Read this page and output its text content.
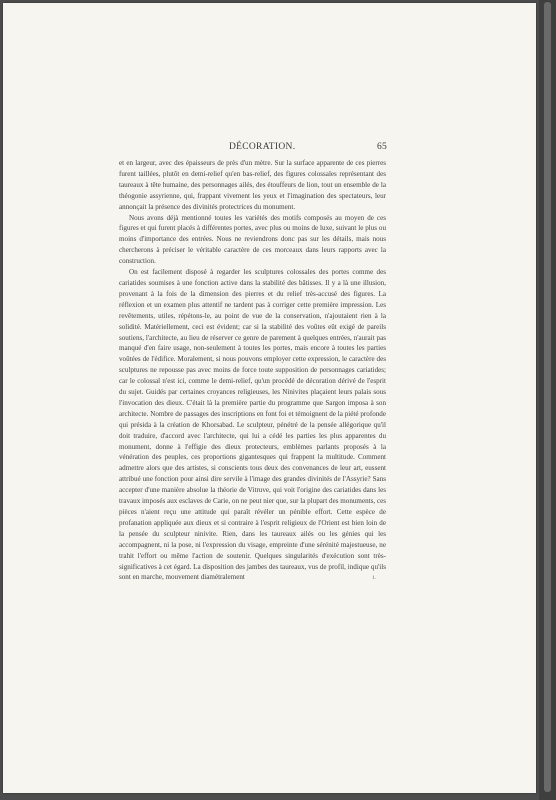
DÉCORATION.	65

et en largeur, avec des épaisseurs de près d'un mètre. Sur la surface apparente de ces pierres furent taillées, plutôt en demi-relief qu'en bas-relief, des figures colossales représentant des taureaux à tête humaine, des personnages ailés, des étouffeurs de lion, tout un ensemble de la théogonie assyrienne, qui, frappant vivement les yeux et l'imagination des spectateurs, leur annonçait la présence des divinités protectrices du monument.

Nous avons déjà mentionné toutes les variétés des motifs composés au moyen de ces figures et qui furent placés à différentes portes, avec plus ou moins de luxe, suivant le plus ou moins d'importance des entrées. Nous ne reviendrons donc pas sur les détails, mais nous chercherons à préciser le véritable caractère de ces morceaux dans leurs rapports avec la construction.

On est facilement disposé à regarder les sculptures colossales des portes comme des cariatides soumises à une fonction active dans la stabilité des bâtisses. Il y a là une illusion, provenant à la fois de la dimension des pierres et du relief très-accusé des figures. La réflexion et un examen plus attentif ne tardent pas à corriger cette première impression. Les revêtements, utiles, répétons-le, au point de vue de la conservation, n'ajoutaient rien à la solidité. Matériellement, ceci est évident; car si la stabilité des voûtes eût exigé de pareils soutiens, l'architecte, au lieu de réserver ce genre de parement à quelques entrées, n'aurait pas manqué d'en faire usage, non-seulement à toutes les portes, mais encore à toutes les parties voûtées de l'édifice. Moralement, si nous pouvons employer cette expression, le caractère des sculptures ne repousse pas avec moins de force toute supposition de personnages cariatides; car le colossal n'est ici, comme le demi-relief, qu'un procédé de décoration dérivé de l'esprit du sujet. Guidés par certaines croyances religieuses, les Ninivites plaçaient leurs palais sous l'invocation des dieux. C'était là la première partie du programme que Sargon imposa à son architecte. Nombre de passages des inscriptions en font foi et témoignent de la piété profonde qui présida à la création de Khorsabad. Le sculpteur, pénétré de la pensée allégorique qu'il doit traduire, d'accord avec l'architecte, qui lui a cédé les parties les plus apparentes du monument, donne à l'effigie des dieux protecteurs, emblèmes parlants proposés à la vénération des peuples, ces proportions gigantesques qui frappent la multitude. Comment admettre alors que des artistes, si conscients tous deux des convenances de leur art, eussent attribué une fonction pour ainsi dire servile à l'image des grandes divinités de l'Assyrie? Sans accepter d'une manière absolue la théorie de Vitruve, qui voit l'origine des cariatides dans les travaux imposés aux esclaves de Carie, on ne peut nier que, sur la plupart des monuments, ces pièces n'aient reçu une attitude qui paraît révéler un pénible effort. Cette espèce de profanation appliquée aux dieux et si contraire à l'esprit religieux de l'Orient est bien loin de la pensée du sculpteur ninivite. Rien, dans les taureaux ailés ou les génies qui les accompagnent, ni la pose, ni l'expression du visage, empreinte d'une sérénité majestueuse, ne trahit l'effort ou même l'action de soutenir. Quelques singularités d'exécution sont très-significatives à cet égard. La disposition des jambes des taureaux, vus de profil, indique qu'ils sont en marche, mouvement diamétralement	1.
